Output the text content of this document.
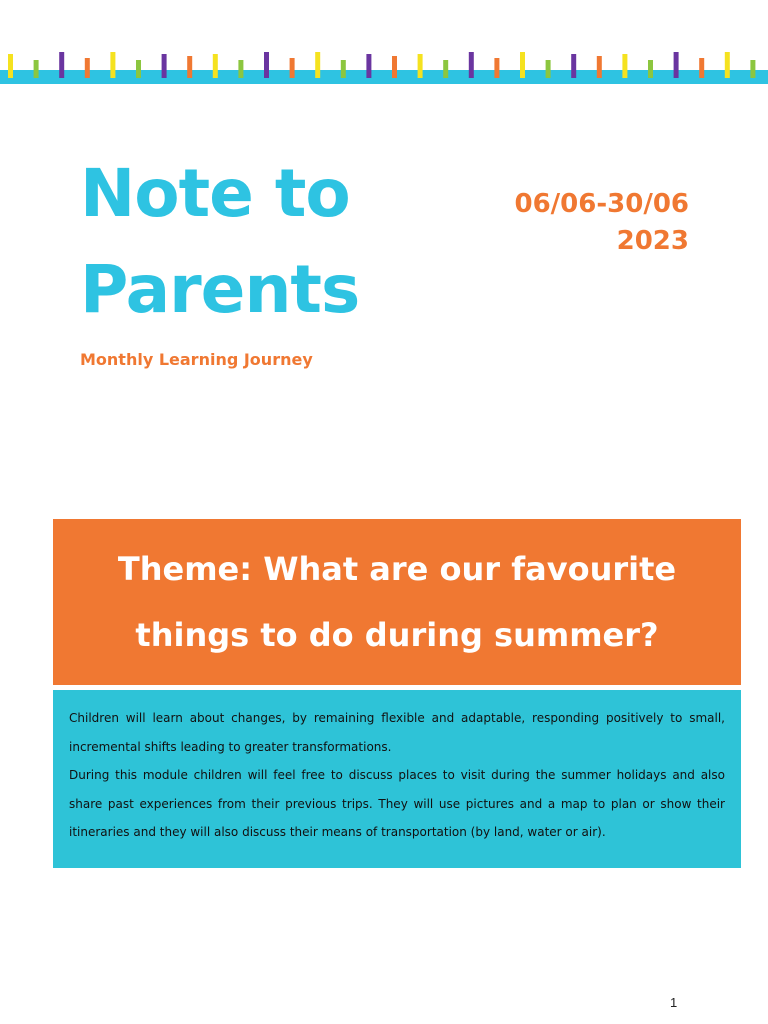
Note to
Parents
06/06-30/06
2023
Monthly Learning Journey
Theme: What are our favourite
things to do during summer?

Children will learn about changes, by remaining flexible and adaptable, responding positively to small, incremental shifts leading to greater transformations.

During this module children will feel free to discuss places to visit during the summer holidays and also share past experiences from their previous trips. They will use pictures and a map to plan or show their itineraries and they will also discuss their means of transportation (by land, water or air).

1
